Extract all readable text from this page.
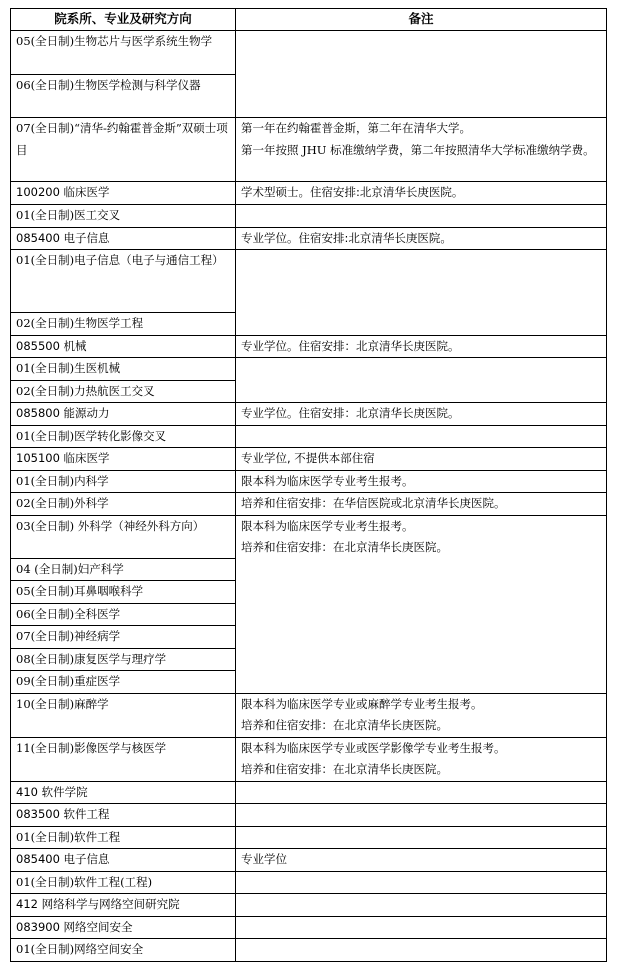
院系所、专业及研究方向	备注
05(全日制)生物芯片与医学系统生物学	
06(全日制)生物医学检测与科学仪器	
07(全日制)“清华-约翰霍普金斯”双硕士项目	第一年在约翰霍普金斯，第二年在清华大学。
第一年按照 JHU 标准缴纳学费，第二年按照清华大学标准缴纳学费。

100200 临床医学	学术型硕士。住宿安排:北京清华长庚医院。
01(全日制)医工交叉	
085400 电子信息	专业学位。住宿安排:北京清华长庚医院。
01(全日制)电子信息（电子与通信工程）	
02(全日制)生物医学工程	
085500 机械	专业学位。住宿安排：北京清华长庚医院。
01(全日制)生医机械	
02(全日制)力热航医工交叉	
085800 能源动力	专业学位。住宿安排：北京清华长庚医院。
01(全日制)医学转化影像交叉	
105100 临床医学	专业学位, 不提供本部住宿
01(全日制)内科学	限本科为临床医学专业考生报考。
02(全日制)外科学	培养和住宿安排：在华信医院或北京清华长庚医院。
03(全日制) 外科学（神经外科方向）	限本科为临床医学专业考生报考。
培养和住宿安排：在北京清华长庚医院。

04 (全日制)妇产科学	
05(全日制)耳鼻咽喉科学	
06(全日制)全科医学	
07(全日制)神经病学	
08(全日制)康复医学与理疗学	
09(全日制)重症医学	
10(全日制)麻醉学	限本科为临床医学专业或麻醉学专业考生报考。
培养和住宿安排：在北京清华长庚医院。

11(全日制)影像医学与核医学	限本科为临床医学专业或医学影像学专业考生报考。
培养和住宿安排：在北京清华长庚医院。

410 软件学院	
083500 软件工程	
01(全日制)软件工程	
085400 电子信息	专业学位
01(全日制)软件工程(工程)	
412 网络科学与网络空间研究院	
083900 网络空间安全	
01(全日制)网络空间安全	
